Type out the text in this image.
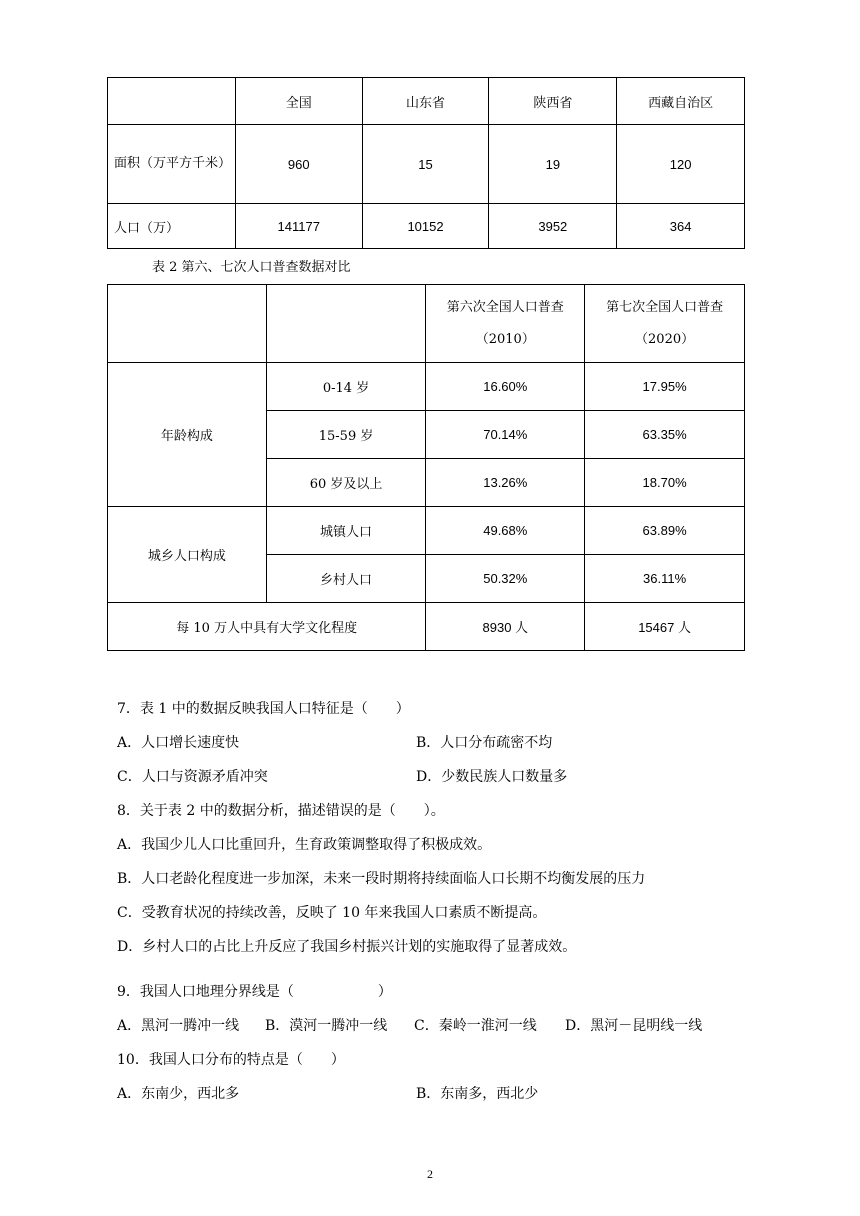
	全国	山东省	陕西省	西藏自治区
面积（万平方千米）	960	15	19	120
人口（万）	141177	10152	3952	364
表 2 第六、七次人口普查数据对比
		第六次全国人口普查（2010）	第七次全国人口普查（2020）
年龄构成	0-14 岁	16.60%	17.95%
	15-59 岁	70.14%	63.35%
	60 岁及以上	13.26%	18.70%
城乡人口构成	城镇人口	49.68%	63.89%
	乡村人口	50.32%	36.11%
每 10 万人中具有大学文化程度		8930 人	15467 人
7．表 1 中的数据反映我国人口特征是（　　）
A．人口增长速度快	B．人口分布疏密不均
C．人口与资源矛盾冲突	D．少数民族人口数量多
8．关于表 2 中的数据分析，描述错误的是（　　）。
A．我国少儿人口比重回升，生育政策调整取得了积极成效。
B．人口老龄化程度进一步加深，未来一段时期将持续面临人口长期不均衡发展的压力
C．受教育状况的持续改善，反映了 10 年来我国人口素质不断提高。
D．乡村人口的占比上升反应了我国乡村振兴计划的实施取得了显著成效。
9．我国人口地理分界线是（　　　　　　）
A．黑河一腾冲一线 B．漠河一腾冲一线 C．秦岭一淮河一线 D．黑河－昆明线一线
10．我国人口分布的特点是（　　）
A．东南少，西北多	B．东南多，西北少
2
